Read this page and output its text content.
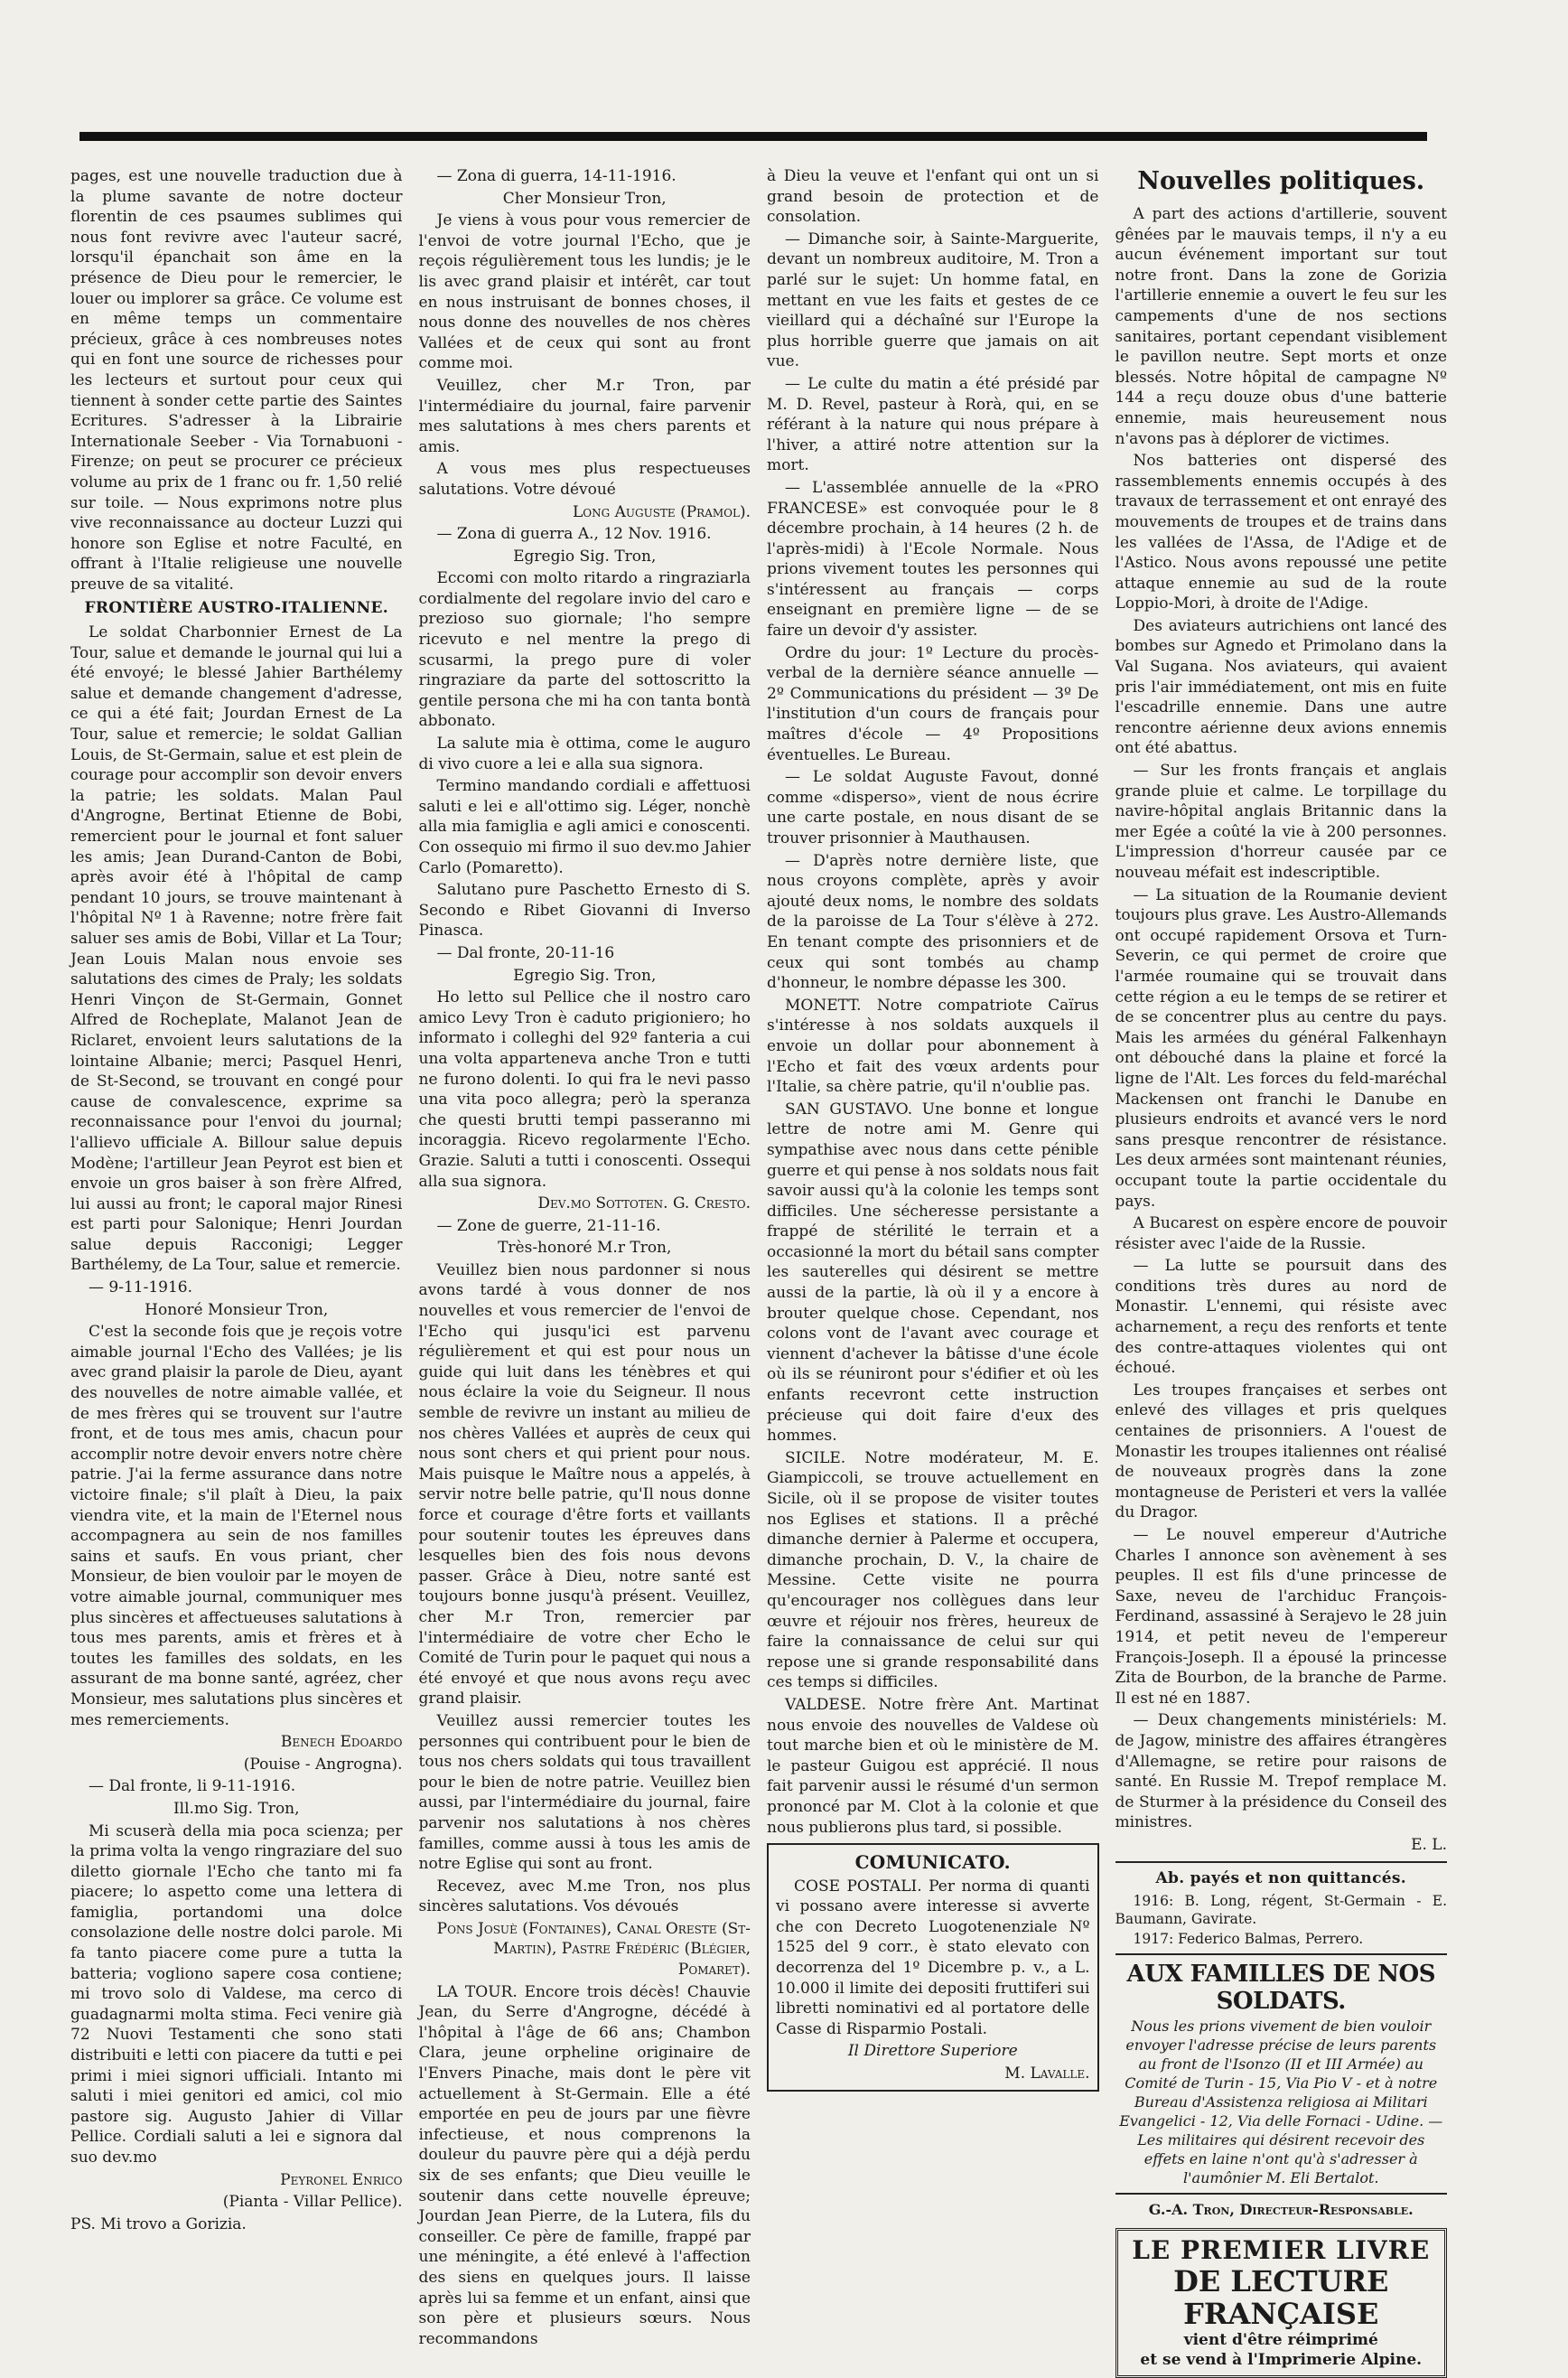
pages, est une nouvelle traduction due à la plume savante de notre docteur florentin de ces psaumes sublimes qui nous font revivre avec l'auteur sacré, lorsqu'il épanchait son âme en la présence de Dieu pour le remercier, le louer ou implorer sa grâce. Ce volume est en même temps un commentaire précieux, grâce à ces nombreuses notes qui en font une source de richesses pour les lecteurs et surtout pour ceux qui tiennent à sonder cette partie des Saintes Ecritures. S'adresser à la Librairie Internationale Seeber - Via Tornabuoni - Firenze; on peut se procurer ce précieux volume au prix de 1 franc ou fr. 1,50 relié sur toile. — Nous exprimons notre plus vive reconnaissance au docteur Luzzi qui honore son Eglise et notre Faculté, en offrant à l'Italie religieuse une nouvelle preuve de sa vitalité.

FRONTIÈRE AUSTRO-ITALIENNE.

Le soldat Charbonnier Ernest de La Tour, salue et demande le journal qui lui a été envoyé; le blessé Jahier Barthélemy salue et demande changement d'adresse, ce qui a été fait; Jourdan Ernest de La Tour, salue et remercie; le soldat Gallian Louis, de St-Germain, salue et est plein de courage pour accomplir son devoir envers la patrie; les soldats. Malan Paul d'Angrogne, Bertinat Etienne de Bobi, remercient pour le journal et font saluer les amis; Jean Durand-Canton de Bobi, après avoir été à l'hôpital de camp pendant 10 jours, se trouve maintenant à l'hôpital Nº 1 à Ravenne; notre frère fait saluer ses amis de Bobi, Villar et La Tour; Jean Louis Malan nous envoie ses salutations des cimes de Praly; les soldats Henri Vinçon de St-Germain, Gonnet Alfred de Rocheplate, Malanot Jean de Riclaret, envoient leurs salutations de la lointaine Albanie; merci; Pasquel Henri, de St-Second, se trouvant en congé pour cause de convalescence, exprime sa reconnaissance pour l'envoi du journal; l'allievo ufficiale A. Billour salue depuis Modène; l'artilleur Jean Peyrot est bien et envoie un gros baiser à son frère Alfred, lui aussi au front; le caporal major Rinesi est parti pour Salonique; Henri Jourdan salue depuis Racconigi; Legger Barthélemy, de La Tour, salue et remercie.

— 9-11-1916.

Honoré Monsieur Tron,

C'est la seconde fois que je reçois votre aimable journal l'Echo des Vallées; je lis avec grand plaisir la parole de Dieu, ayant des nouvelles de notre aimable vallée, et de mes frères qui se trouvent sur l'autre front, et de tous mes amis, chacun pour accomplir notre devoir envers notre chère patrie. J'ai la ferme assurance dans notre victoire finale; s'il plaît à Dieu, la paix viendra vite, et la main de l'Eternel nous accompagnera au sein de nos familles sains et saufs. En vous priant, cher Monsieur, de bien vouloir par le moyen de votre aimable journal, communiquer mes plus sincères et affectueuses salutations à tous mes parents, amis et frères et à toutes les familles des soldats, en les assurant de ma bonne santé, agréez, cher Monsieur, mes salutations plus sincères et mes remerciements.

Benech Edoardo

(Pouise - Angrogna).

— Dal fronte, li 9-11-1916.

Ill.mo Sig. Tron,

Mi scuserà della mia poca scienza; per la prima volta la vengo ringraziare del suo diletto giornale l'Echo che tanto mi fa piacere; lo aspetto come una lettera di famiglia, portandomi una dolce consolazione delle nostre dolci parole. Mi fa tanto piacere come pure a tutta la batteria; vogliono sapere cosa contiene; mi trovo solo di Valdese, ma cerco di guadagnarmi molta stima. Feci venire già 72 Nuovi Testamenti che sono stati distribuiti e letti con piacere da tutti e pei primi i miei signori ufficiali. Intanto mi saluti i miei genitori ed amici, col mio pastore sig. Augusto Jahier di Villar Pellice. Cordiali saluti a lei e signora dal suo dev.mo

Peyronel Enrico

(Pianta - Villar Pellice).

PS. Mi trovo a Gorizia.

— Zona di guerra, 14-11-1916.

Cher Monsieur Tron,

Je viens à vous pour vous remercier de l'envoi de votre journal l'Echo, que je reçois régulièrement tous les lundis; je le lis avec grand plaisir et intérêt, car tout en nous instruisant de bonnes choses, il nous donne des nouvelles de nos chères Vallées et de ceux qui sont au front comme moi.

Veuillez, cher M.r Tron, par l'intermédiaire du journal, faire parvenir mes salutations à mes chers parents et amis.

A vous mes plus respectueuses salutations. Votre dévoué

Long Auguste (Pramol).

— Zona di guerra A., 12 Nov. 1916.

Egregio Sig. Tron,

Eccomi con molto ritardo a ringraziarla cordialmente del regolare invio del caro e prezioso suo giornale; l'ho sempre ricevuto e nel mentre la prego di scusarmi, la prego pure di voler ringraziare da parte del sottoscritto la gentile persona che mi ha con tanta bontà abbonato.

La salute mia è ottima, come le auguro di vivo cuore a lei e alla sua signora.

Termino mandando cordiali e affettuosi saluti e lei e all'ottimo sig. Léger, nonchè alla mia famiglia e agli amici e conoscenti. Con ossequio mi firmo il suo dev.mo Jahier Carlo (Pomaretto).

Salutano pure Paschetto Ernesto di S. Secondo e Ribet Giovanni di Inverso Pinasca.

— Dal fronte, 20-11-16

Egregio Sig. Tron,

Ho letto sul Pellice che il nostro caro amico Levy Tron è caduto prigioniero; ho informato i colleghi del 92º fanteria a cui una volta apparteneva anche Tron e tutti ne furono dolenti. Io qui fra le nevi passo una vita poco allegra; però la speranza che questi brutti tempi passeranno mi incoraggia. Ricevo regolarmente l'Echo. Grazie. Saluti a tutti i conoscenti. Ossequi alla sua signora.

Dev.mo Sottoten. G. Cresto.

— Zone de guerre, 21-11-16.

Très-honoré M.r Tron,

Veuillez bien nous pardonner si nous avons tardé à vous donner de nos nouvelles et vous remercier de l'envoi de l'Echo qui jusqu'ici est parvenu régulièrement et qui est pour nous un guide qui luit dans les ténèbres et qui nous éclaire la voie du Seigneur. Il nous semble de revivre un instant au milieu de nos chères Vallées et auprès de ceux qui nous sont chers et qui prient pour nous. Mais puisque le Maître nous a appelés, à servir notre belle patrie, qu'Il nous donne force et courage d'être forts et vaillants pour soutenir toutes les épreuves dans lesquelles bien des fois nous devons passer. Grâce à Dieu, notre santé est toujours bonne jusqu'à présent. Veuillez, cher M.r Tron, remercier par l'intermédiaire de votre cher Echo le Comité de Turin pour le paquet qui nous a été envoyé et que nous avons reçu avec grand plaisir.

Veuillez aussi remercier toutes les personnes qui contribuent pour le bien de tous nos chers soldats qui tous travaillent pour le bien de notre patrie. Veuillez bien aussi, par l'intermédiaire du journal, faire parvenir nos salutations à nos chères familles, comme aussi à tous les amis de notre Eglise qui sont au front.

Recevez, avec M.me Tron, nos plus sincères salutations. Vos dévoués

Pons Josuè (Fontaines), Canal Oreste (St-Martin), Pastre Frédéric (Blégier, Pomaret).

LA TOUR. Encore trois décès! Chauvie Jean, du Serre d'Angrogne, décédé à l'hôpital à l'âge de 66 ans; Chambon Clara, jeune orpheline originaire de l'Envers Pinache, mais dont le père vit actuellement à St-Germain. Elle a été emportée en peu de jours par une fièvre infectieuse, et nous comprenons la douleur du pauvre père qui a déjà perdu six de ses enfants; que Dieu veuille le soutenir dans cette nouvelle épreuve; Jourdan Jean Pierre, de la Lutera, fils du conseiller. Ce père de famille, frappé par une méningite, a été enlevé à l'affection des siens en quelques jours. Il laisse après lui sa femme et un enfant, ainsi que son père et plusieurs sœurs. Nous recommandons

à Dieu la veuve et l'enfant qui ont un si grand besoin de protection et de consolation.

— Dimanche soir, à Sainte-Marguerite, devant un nombreux auditoire, M. Tron a parlé sur le sujet: Un homme fatal, en mettant en vue les faits et gestes de ce vieillard qui a déchaîné sur l'Europe la plus horrible guerre que jamais on ait vue.

— Le culte du matin a été présidé par M. D. Revel, pasteur à Rorà, qui, en se référant à la nature qui nous prépare à l'hiver, a attiré notre attention sur la mort.

— L'assemblée annuelle de la «PRO FRANCESE» est convoquée pour le 8 décembre prochain, à 14 heures (2 h. de l'après-midi) à l'Ecole Normale. Nous prions vivement toutes les personnes qui s'intéressent au français — corps enseignant en première ligne — de se faire un devoir d'y assister.

Ordre du jour: 1º Lecture du procès-verbal de la dernière séance annuelle — 2º Communications du président — 3º De l'institution d'un cours de français pour maîtres d'école — 4º Propositions éventuelles. Le Bureau.

— Le soldat Auguste Favout, donné comme «disperso», vient de nous écrire une carte postale, en nous disant de se trouver prisonnier à Mauthausen.

— D'après notre dernière liste, que nous croyons complète, après y avoir ajouté deux noms, le nombre des soldats de la paroisse de La Tour s'élève à 272. En tenant compte des prisonniers et de ceux qui sont tombés au champ d'honneur, le nombre dépasse les 300.

MONETT. Notre compatriote Caïrus s'intéresse à nos soldats auxquels il envoie un dollar pour abonnement à l'Echo et fait des vœux ardents pour l'Italie, sa chère patrie, qu'il n'oublie pas.

SAN GUSTAVO. Une bonne et longue lettre de notre ami M. Genre qui sympathise avec nous dans cette pénible guerre et qui pense à nos soldats nous fait savoir aussi qu'à la colonie les temps sont difficiles. Une sécheresse persistante a frappé de stérilité le terrain et a occasionné la mort du bétail sans compter les sauterelles qui désirent se mettre aussi de la partie, là où il y a encore à brouter quelque chose. Cependant, nos colons vont de l'avant avec courage et viennent d'achever la bâtisse d'une école où ils se réuniront pour s'édifier et où les enfants recevront cette instruction précieuse qui doit faire d'eux des hommes.

SICILE. Notre modérateur, M. E. Giampiccoli, se trouve actuellement en Sicile, où il se propose de visiter toutes nos Eglises et stations. Il a prêché dimanche dernier à Palerme et occupera, dimanche prochain, D. V., la chaire de Messine. Cette visite ne pourra qu'encourager nos collègues dans leur œuvre et réjouir nos frères, heureux de faire la connaissance de celui sur qui repose une si grande responsabilité dans ces temps si difficiles.

VALDESE. Notre frère Ant. Martinat nous envoie des nouvelles de Valdese où tout marche bien et où le ministère de M. le pasteur Guigou est apprécié. Il nous fait parvenir aussi le résumé d'un sermon prononcé par M. Clot à la colonie et que nous publierons plus tard, si possible.

COMUNICATO.

COSE POSTALI. Per norma di quanti vi possano avere interesse si avverte che con Decreto Luogotenenziale Nº 1525 del 9 corr., è stato elevato con decorrenza del 1º Dicembre p. v., a L. 10.000 il limite dei depositi fruttiferi sui libretti nominativi ed al portatore delle Casse di Risparmio Postali.

Il Direttore Superiore

M. Lavalle.

Nouvelles politiques.

A part des actions d'artillerie, souvent gênées par le mauvais temps, il n'y a eu aucun événement important sur tout notre front. Dans la zone de Gorizia l'artillerie ennemie a ouvert le feu sur les campements d'une de nos sections sanitaires, portant cependant visiblement le pavillon neutre. Sept morts et onze blessés. Notre hôpital de campagne Nº 144 a reçu douze obus d'une batterie ennemie, mais heureusement nous n'avons pas à déplorer de victimes.

Nos batteries ont dispersé des rassemblements ennemis occupés à des travaux de terrassement et ont enrayé des mouvements de troupes et de trains dans les vallées de l'Assa, de l'Adige et de l'Astico. Nous avons repoussé une petite attaque ennemie au sud de la route Loppio-Mori, à droite de l'Adige.

Des aviateurs autrichiens ont lancé des bombes sur Agnedo et Primolano dans la Val Sugana. Nos aviateurs, qui avaient pris l'air immédiatement, ont mis en fuite l'escadrille ennemie. Dans une autre rencontre aérienne deux avions ennemis ont été abattus.

— Sur les fronts français et anglais grande pluie et calme. Le torpillage du navire-hôpital anglais Britannic dans la mer Egée a coûté la vie à 200 personnes. L'impression d'horreur causée par ce nouveau méfait est indescriptible.

— La situation de la Roumanie devient toujours plus grave. Les Austro-Allemands ont occupé rapidement Orsova et Turn-Severin, ce qui permet de croire que l'armée roumaine qui se trouvait dans cette région a eu le temps de se retirer et de se concentrer plus au centre du pays. Mais les armées du général Falkenhayn ont débouché dans la plaine et forcé la ligne de l'Alt. Les forces du feld-maréchal Mackensen ont franchi le Danube en plusieurs endroits et avancé vers le nord sans presque rencontrer de résistance. Les deux armées sont maintenant réunies, occupant toute la partie occidentale du pays.

A Bucarest on espère encore de pouvoir résister avec l'aide de la Russie.

— La lutte se poursuit dans des conditions très dures au nord de Monastir. L'ennemi, qui résiste avec acharnement, a reçu des renforts et tente des contre-attaques violentes qui ont échoué.

Les troupes françaises et serbes ont enlevé des villages et pris quelques centaines de prisonniers. A l'ouest de Monastir les troupes italiennes ont réalisé de nouveaux progrès dans la zone montagneuse de Peristeri et vers la vallée du Dragor.

— Le nouvel empereur d'Autriche Charles I annonce son avènement à ses peuples. Il est fils d'une princesse de Saxe, neveu de l'archiduc François-Ferdinand, assassiné à Serajevo le 28 juin 1914, et petit neveu de l'empereur François-Joseph. Il a épousé la princesse Zita de Bourbon, de la branche de Parme. Il est né en 1887.

— Deux changements ministériels: M. de Jagow, ministre des affaires étrangères d'Allemagne, se retire pour raisons de santé. En Russie M. Trepof remplace M. de Sturmer à la présidence du Conseil des ministres.

E. L.

Ab. payés et non quittancés.

1916: B. Long, régent, St-Germain - E. Baumann, Gavirate.

1917: Federico Balmas, Perrero.

AUX FAMILLES DE NOS SOLDATS.
Nous les prions vivement de bien vouloir envoyer l'adresse précise de leurs parents au front de l'Isonzo (II et III Armée) au Comité de Turin - 15, Via Pio V - et à notre Bureau d'Assistenza religiosa ai Militari Evangelici - 12, Via delle Fornaci - Udine. — Les militaires qui désirent recevoir des effets en laine n'ont qu'à s'adresser à l'aumônier M. Eli Bertalot.
G.-A. Tron, Directeur-Responsable.
LE PREMIER LIVRE
DE LECTURE FRANÇAISE
vient d'être réimprimé
et se vend à l'Imprimerie Alpine.
